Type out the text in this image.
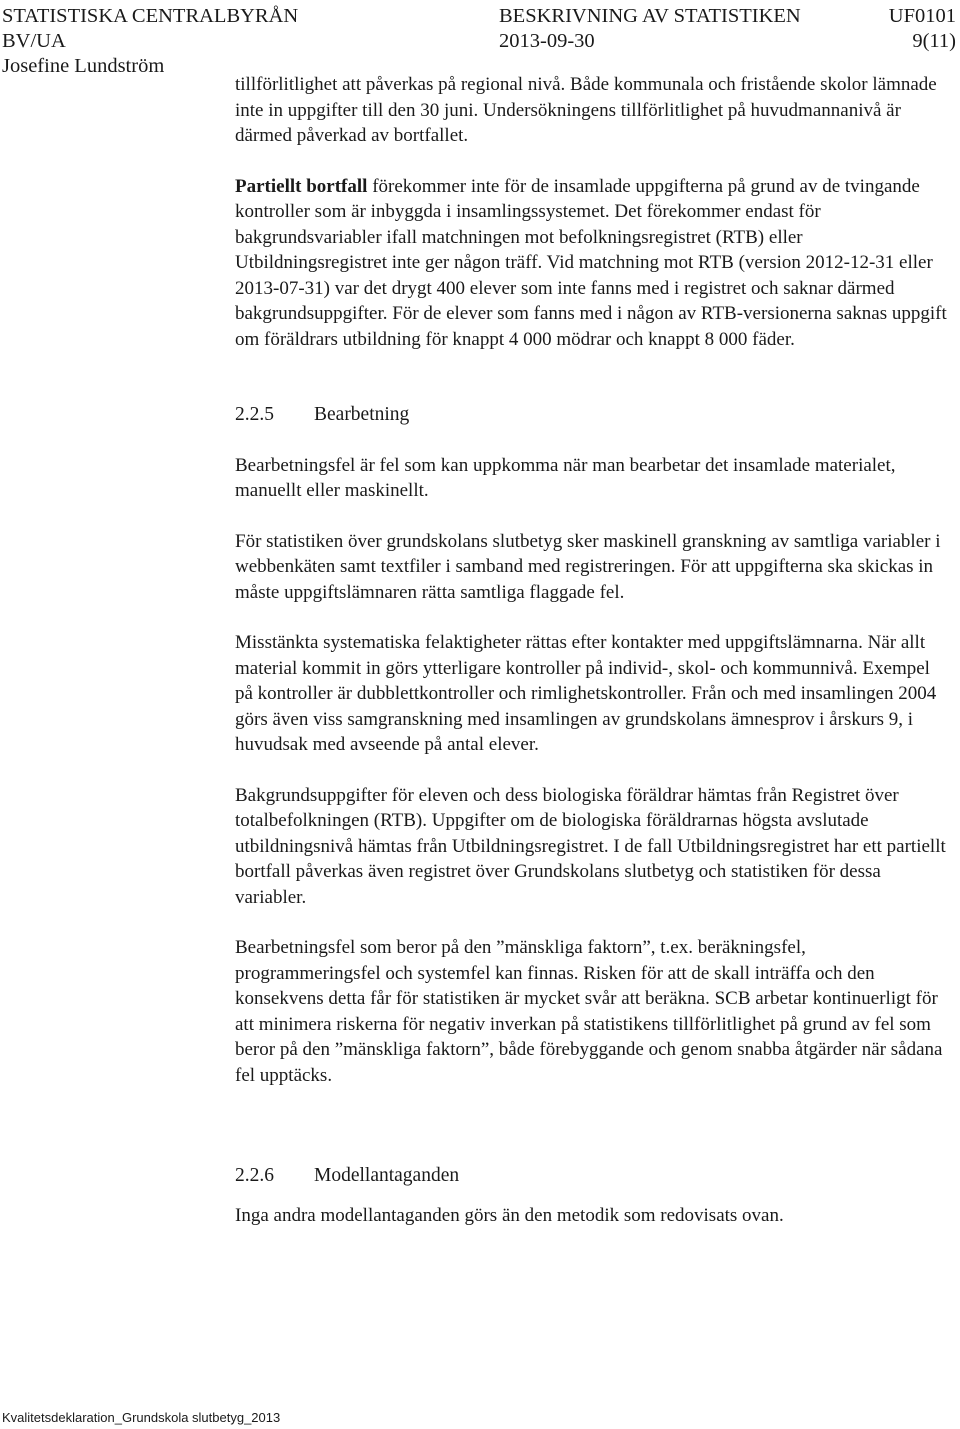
STATISTISKA CENTRALBYRÅN	BESKRIVNING AV STATISTIKEN	UF0101
BV/UA	2013-09-30	9(11)
Josefine Lundström

tillförlitlighet att påverkas på regional nivå. Både kommunala och fristående skolor lämnade inte in uppgifter till den 30 juni. Undersökningens tillförlitlighet på huvudmannanivå är därmed påverkad av bortfallet.

Partiellt bortfall förekommer inte för de insamlade uppgifterna på grund av de tvingande kontroller som är inbyggda i insamlingssystemet. Det förekommer endast för bakgrundsvariabler ifall matchningen mot befolkningsregistret (RTB) eller Utbildningsregistret inte ger någon träff. Vid matchning mot RTB (version 2012-12-31 eller 2013-07-31) var det drygt 400 elever som inte fanns med i registret och saknar därmed bakgrundsuppgifter. För de elever som fanns med i någon av RTB-versionerna saknas uppgift om föräldrars utbildning för knappt 4 000 mödrar och knappt 8 000 fäder.

2.2.5	Bearbetning

Bearbetningsfel är fel som kan uppkomma när man bearbetar det insamlade materialet, manuellt eller maskinellt.

För statistiken över grundskolans slutbetyg sker maskinell granskning av samtliga variabler i webbenkäten samt textfiler i samband med registreringen. För att uppgifterna ska skickas in måste uppgiftslämnaren rätta samtliga flaggade fel.

Misstänkta systematiska felaktigheter rättas efter kontakter med uppgiftslämnarna. När allt material kommit in görs ytterligare kontroller på individ-, skol- och kommunnivå. Exempel på kontroller är dubblettkontroller och rimlighetskontroller. Från och med insamlingen 2004 görs även viss samgranskning med insamlingen av grundskolans ämnesprov i årskurs 9, i huvudsak med avseende på antal elever.

Bakgrundsuppgifter för eleven och dess biologiska föräldrar hämtas från Registret över totalbefolkningen (RTB). Uppgifter om de biologiska föräldrarnas högsta avslutade utbildningsnivå hämtas från Utbildningsregistret. I de fall Utbildningsregistret har ett partiellt bortfall påverkas även registret över Grundskolans slutbetyg och statistiken för dessa variabler.

Bearbetningsfel som beror på den ”mänskliga faktorn”, t.ex. beräkningsfel, programmeringsfel och systemfel kan finnas. Risken för att de skall inträffa och den konsekvens detta får för statistiken är mycket svår att beräkna. SCB arbetar kontinuerligt för att minimera riskerna för negativ inverkan på statistikens tillförlitlighet på grund av fel som beror på den ”mänskliga faktorn”, både förebyggande och genom snabba åtgärder när sådana fel upptäcks.

2.2.6	Modellantaganden

Inga andra modellantaganden görs än den metodik som redovisats ovan.

Kvalitetsdeklaration_Grundskola slutbetyg_2013
